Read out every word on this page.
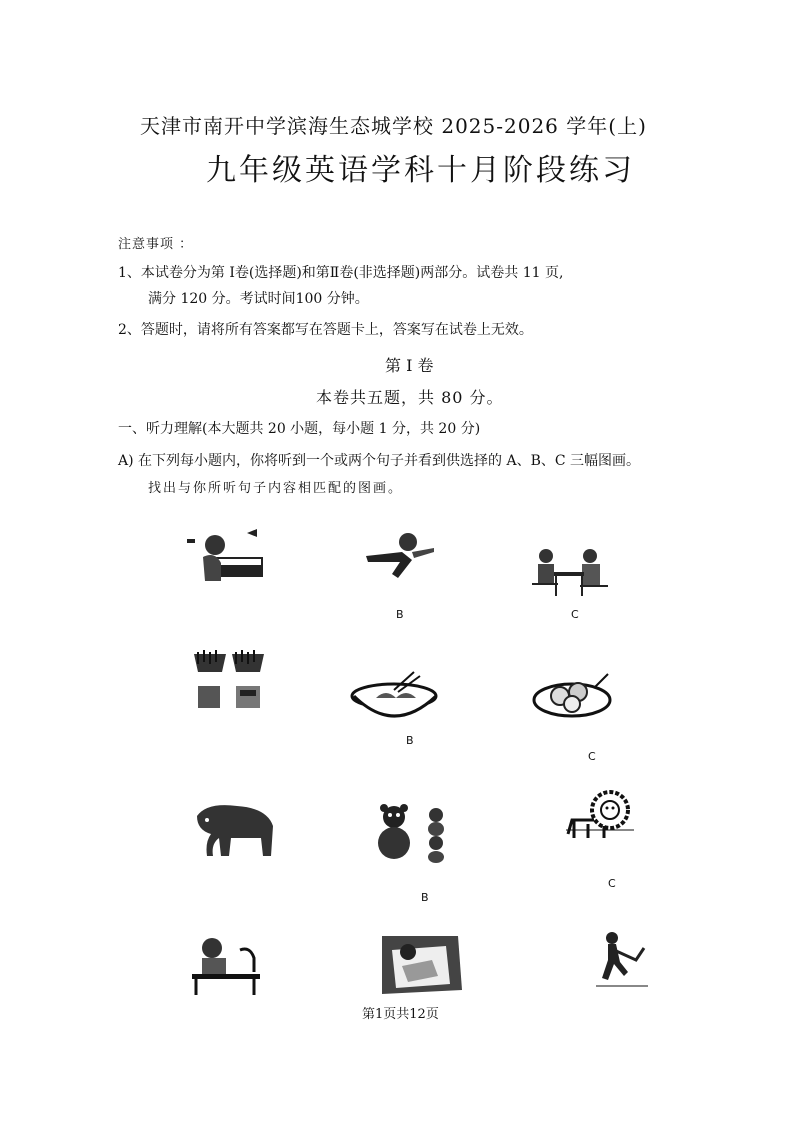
天津市南开中学滨海生态城学校 2025-2026 学年(上)
九年级英语学科十月阶段练习
注意事项 ：
1、本试卷分为第 I卷(选择题)和第Ⅱ卷(非选择题)两部分。试卷共 11 页,
满分 120 分。考试时间100 分钟。
2、答题时，请将所有答案都写在答题卡上，答案写在试卷上无效。
第 I 卷
本卷共五题，共 80 分。
一、听力理解(本大题共 20 小题，每小题 1 分，共 20 分)
A) 在下列每小题内，你将听到一个或两个句子并看到供选择的 A、B、C 三幅图画。
找出与你所听句子内容相匹配的图画。
B	C
B
C
B
C
第1页共12页
